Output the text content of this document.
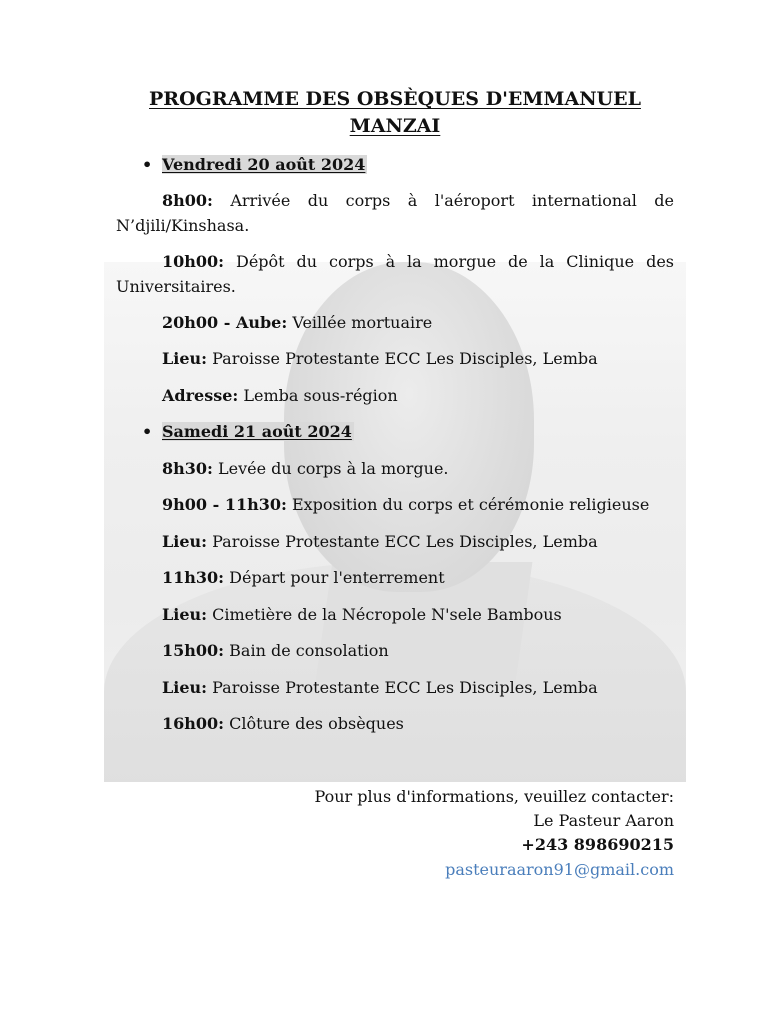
PROGRAMME DES OBSÈQUES D'EMMANUEL
MANZAI
• Vendredi 20 août 2024
8h00: Arrivée du corps à l'aéroport international de N’djili/Kinshasa.
10h00: Dépôt du corps à la morgue de la Clinique des Universitaires.
20h00 - Aube: Veillée mortuaire
Lieu: Paroisse Protestante ECC Les Disciples, Lemba
Adresse: Lemba sous-région
• Samedi 21 août 2024
8h30: Levée du corps à la morgue.
9h00 - 11h30: Exposition du corps et cérémonie religieuse
Lieu: Paroisse Protestante ECC Les Disciples, Lemba
11h30: Départ pour l'enterrement
Lieu: Cimetière de la Nécropole N'sele Bambous
15h00: Bain de consolation
Lieu: Paroisse Protestante ECC Les Disciples, Lemba
16h00: Clôture des obsèques
Pour plus d'informations, veuillez contacter:
Le Pasteur Aaron
+243 898690215
pasteuraaron91@gmail.com
